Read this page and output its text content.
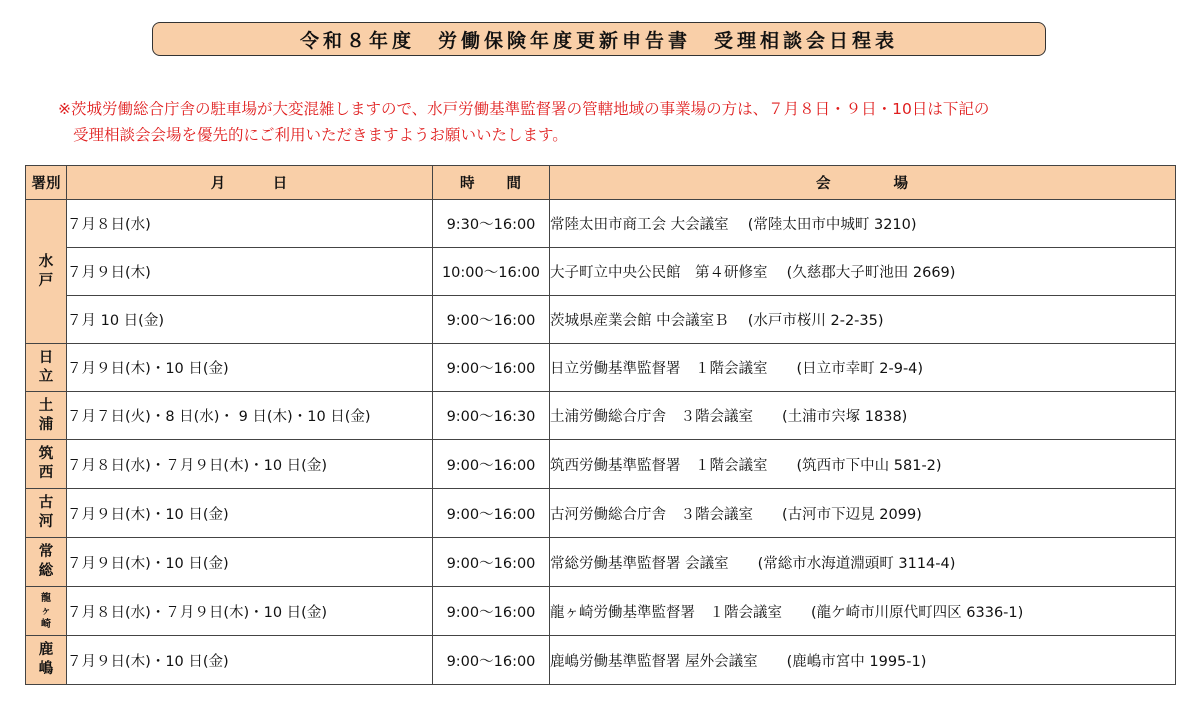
令和８年度　労働保険年度更新申告書　受理相談会日程表
※茨城労働総合庁舎の駐車場が大変混雑しますので、水戸労働基準監督署の管轄地域の事業場の方は、７月８日・９日・10日は下記の
受理相談会会場を優先的にご利用いただきますようお願いいたします。
署別	月　　　日	時　　間	会　　　　場

水
戸	７月８日(水)	9:30～16:00	常陸太田市商工会 大会議室　 (常陸太田市中城町 3210)
	７月９日(木)	10:00～16:00	大子町立中央公民館　第４研修室　 (久慈郡大子町池田 2669)
	７月 10 日(金)	9:00～16:00	茨城県産業会館 中会議室Ｂ　 (水戸市桜川 2-2-35)

日
立	７月９日(木)・10 日(金)	9:00～16:00	日立労働基準監督署　１階会議室　　(日立市幸町 2-9-4)

土
浦	７月７日(火)・8 日(水)・ 9 日(木)・10 日(金)	9:00～16:30	土浦労働総合庁舎　３階会議室　　(土浦市宍塚 1838)

筑
西	７月８日(水)・７月９日(木)・10 日(金)	9:00～16:00	筑西労働基準監督署　１階会議室　　(筑西市下中山 581-2)

古
河	７月９日(木)・10 日(金)	9:00～16:00	古河労働総合庁舎　３階会議室　　(古河市下辺見 2099)

常
総	７月９日(木)・10 日(金)	9:00～16:00	常総労働基準監督署 会議室　　(常総市水海道淵頭町 3114-4)

龍
ヶ
崎	７月８日(水)・７月９日(木)・10 日(金)	9:00～16:00	龍ヶ崎労働基準監督署　１階会議室　　(龍ケ崎市川原代町四区 6336-1)

鹿
嶋	７月９日(木)・10 日(金)	9:00～16:00	鹿嶋労働基準監督署 屋外会議室　　(鹿嶋市宮中 1995-1)
